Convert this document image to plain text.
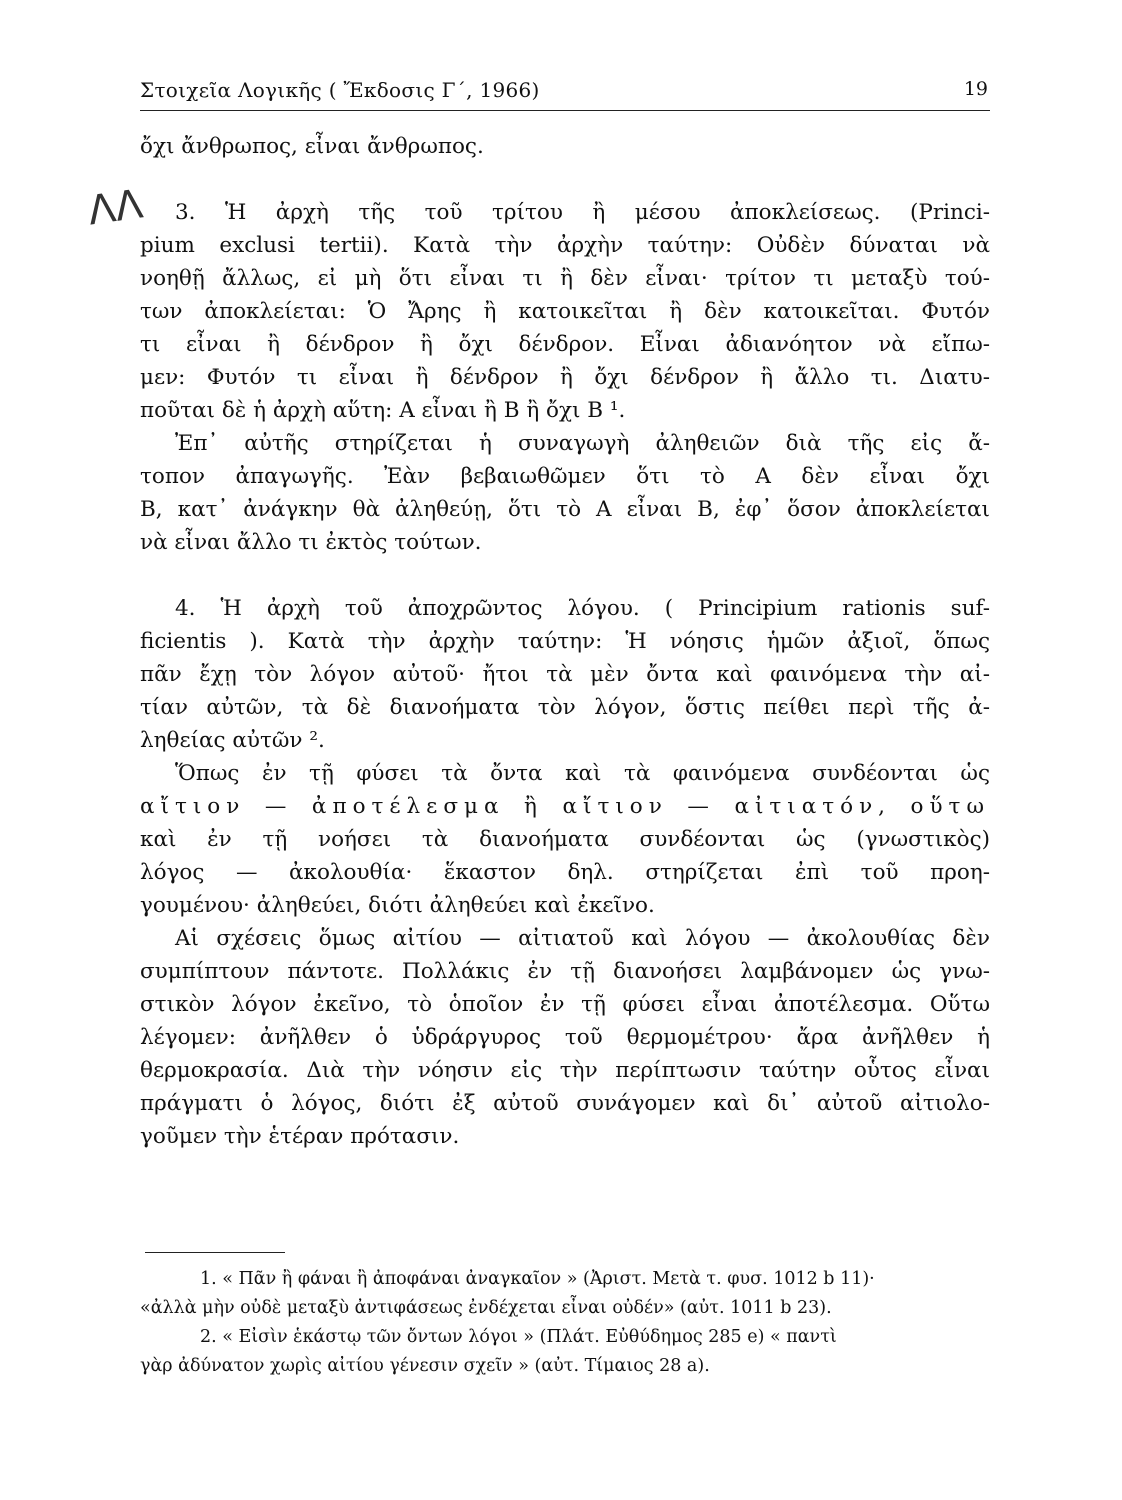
Στοιχεῖα Λογικῆς ( Ἔκδοσις Γ΄, 1966)	19
ΛΛ
ὄχι ἄνθρωπος, εἶναι ἄνθρωπος.
3. Ἡ ἀρχὴ τῆς τοῦ τρίτου ἢ μέσου ἀποκλείσεως. (Princi-
pium exclusi tertii). Κατὰ τὴν ἀρχὴν ταύτην: Οὐδὲν δύναται νὰ
νοηθῇ ἄλλως, εἰ μὴ ὅτι εἶναι τι ἢ δὲν εἶναι· τρίτον τι μεταξὺ τού-
των ἀποκλείεται: Ὁ Ἄρης ἢ κατοικεῖται ἢ δὲν κατοικεῖται. Φυτόν
τι εἶναι ἢ δένδρον ἢ ὄχι δένδρον. Εἶναι ἀδιανόητον νὰ εἴπω-
μεν: Φυτόν τι εἶναι ἢ δένδρον ἢ ὄχι δένδρον ἢ ἄλλο τι. Διατυ-
ποῦται δὲ ἡ ἀρχὴ αὕτη: Α εἶναι ἢ Β ἢ ὄχι Β ¹.
Ἐπ᾽ αὐτῆς στηρίζεται ἡ συναγωγὴ ἀληθειῶν διὰ τῆς εἰς ἄ-
τοπον ἀπαγωγῆς. Ἐὰν βεβαιωθῶμεν ὅτι τὸ Α δὲν εἶναι ὄχι
Β, κατ᾽ ἀνάγκην θὰ ἀληθεύῃ, ὅτι τὸ Α εἶναι Β, ἐφ᾽ ὅσον ἀποκλείεται
νὰ εἶναι ἄλλο τι ἐκτὸς τούτων.
4. Ἡ ἀρχὴ τοῦ ἀποχρῶντος λόγου. ( Principium rationis suf-
ficientis ). Κατὰ τὴν ἀρχὴν ταύτην: Ἡ νόησις ἡμῶν ἀξιοῖ, ὅπως
πᾶν ἔχῃ τὸν λόγον αὐτοῦ· ἤτοι τὰ μὲν ὄντα καὶ φαινόμενα τὴν αἰ-
τίαν αὐτῶν, τὰ δὲ διανοήματα τὸν λόγον, ὅστις πείθει περὶ τῆς ἀ-
ληθείας αὐτῶν ².
Ὅπως ἐν τῇ φύσει τὰ ὄντα καὶ τὰ φαινόμενα συνδέονται ὡς
αἴτιον — ἀποτέλεσμα ἢ αἴτιον — αἰτιατόν, οὕτω
καὶ ἐν τῇ νοήσει τὰ διανοήματα συνδέονται ὡς (γνωστικὸς)
λόγος — ἀκολουθία· ἕκαστον δηλ. στηρίζεται ἐπὶ τοῦ προη-
γουμένου· ἀληθεύει, διότι ἀληθεύει καὶ ἐκεῖνο.
Αἱ σχέσεις ὅμως αἰτίου — αἰτιατοῦ καὶ λόγου — ἀκολουθίας δὲν
συμπίπτουν πάντοτε. Πολλάκις ἐν τῇ διανοήσει λαμβάνομεν ὡς γνω-
στικὸν λόγον ἐκεῖνο, τὸ ὁποῖον ἐν τῇ φύσει εἶναι ἀποτέλεσμα. Οὕτω
λέγομεν: ἀνῆλθεν ὁ ὑδράργυρος τοῦ θερμομέτρου· ἄρα ἀνῆλθεν ἡ
θερμοκρασία. Διὰ τὴν νόησιν εἰς τὴν περίπτωσιν ταύτην οὗτος εἶναι
πράγματι ὁ λόγος, διότι ἐξ αὐτοῦ συνάγομεν καὶ δι᾽ αὐτοῦ αἰτιολο-
γοῦμεν τὴν ἑτέραν πρότασιν.
1. « Πᾶν ἢ φάναι ἢ ἀποφάναι ἀναγκαῖον » (Ἀριστ. Μετὰ τ. φυσ. 1012 b 11)·
«ἀλλὰ μὴν οὐδὲ μεταξὺ ἀντιφάσεως ἐνδέχεται εἶναι οὐδέν» (αὐτ. 1011 b 23).
2. « Εἰσὶν ἑκάστῳ τῶν ὄντων λόγοι » (Πλάτ. Εὐθύδημος 285 e) « παντὶ
γὰρ ἀδύνατον χωρὶς αἰτίου γένεσιν σχεῖν » (αὐτ. Τίμαιος 28 a).
